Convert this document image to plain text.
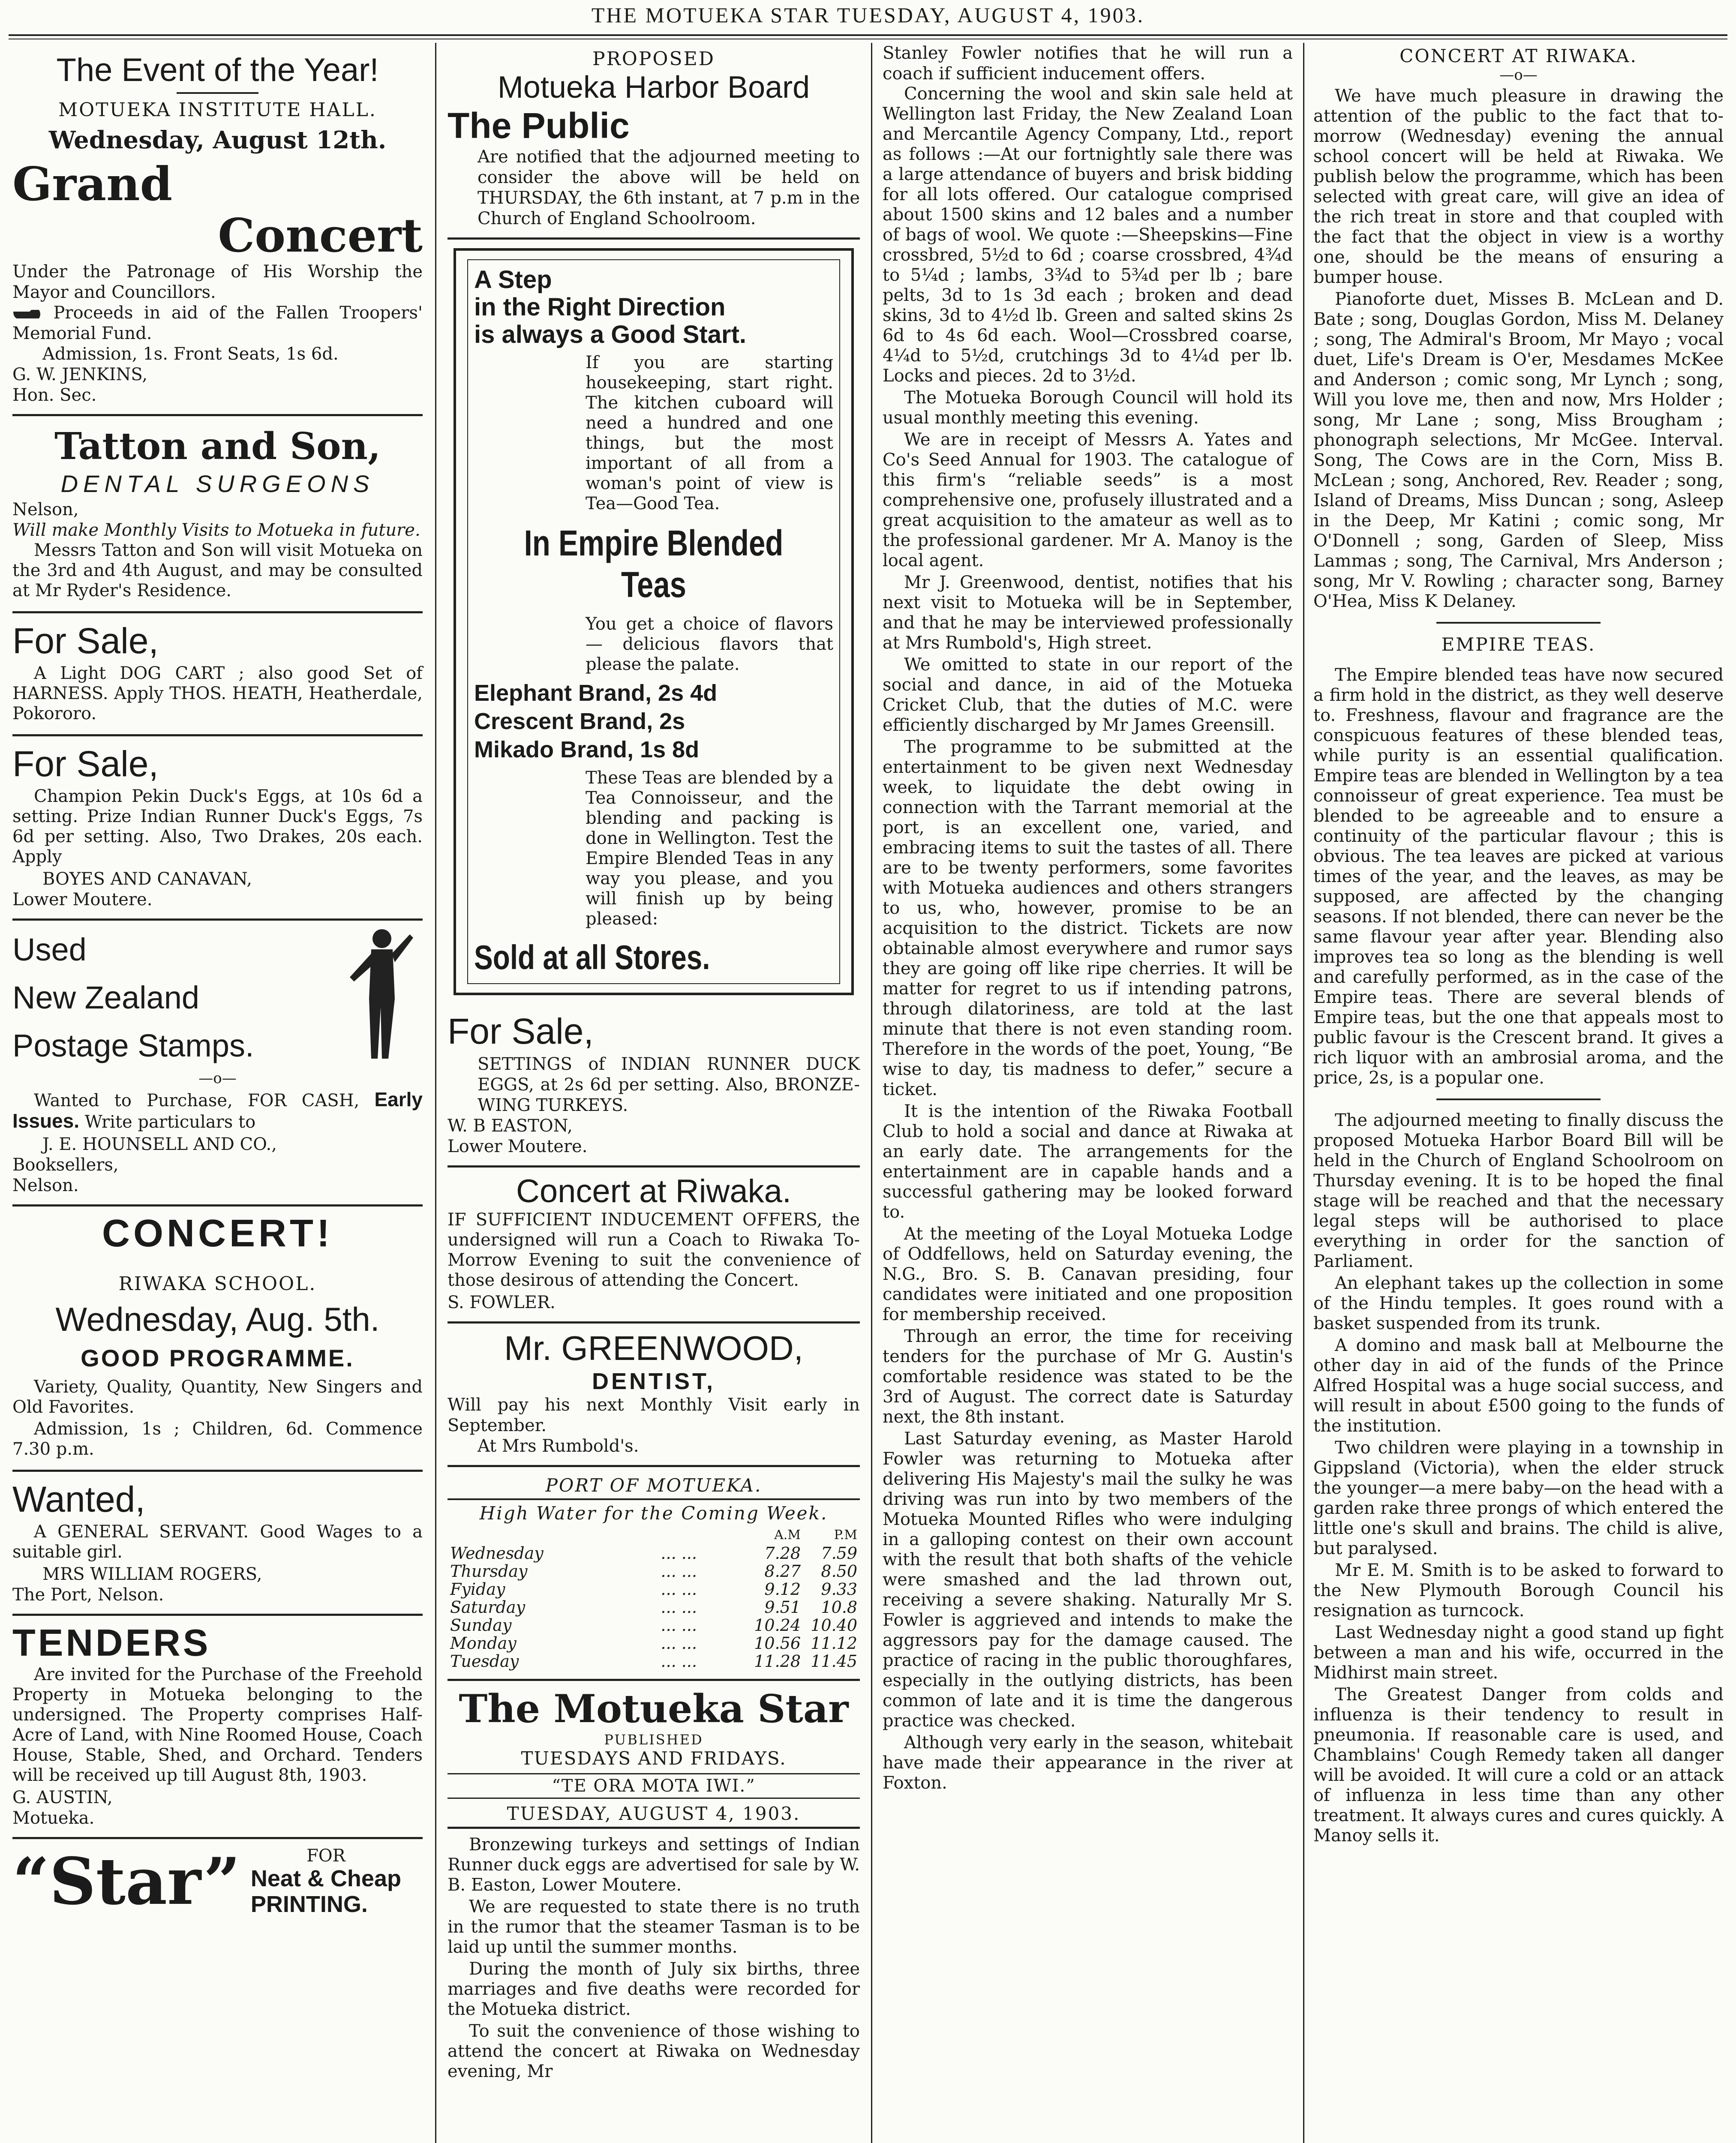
THE MOTUEKA STAR TUESDAY, AUGUST 4, 1903.
The Event of the Year!
MOTUEKA INSTITUTE HALL.
Wednesday, August 12th.
Grand
Concert

Under the Patronage of His Worship the Mayor and Councillors.

Proceeds in aid of the Fallen Troopers' Memorial Fund.

Admission, 1s. Front Seats, 1s 6d.

G. W. JENKINS,

Hon. Sec.

Tatton and Son,
DENTAL SURGEONS

Nelson,

Will make Monthly Visits to Motueka in future.

Messrs Tatton and Son will visit Motueka on the 3rd and 4th August, and may be consulted at Mr Ryder's Residence.

For Sale,

A Light DOG CART ; also good Set of HARNESS. Apply THOS. HEATH, Heatherdale, Pokororo.

For Sale,

Champion Pekin Duck's Eggs, at 10s 6d a setting. Prize Indian Runner Duck's Eggs, 7s 6d per setting. Also, Two Drakes, 20s each. Apply

BOYES AND CANAVAN,

Lower Moutere.

Used
New Zealand
Postage Stamps.
—o—

Wanted to Purchase, FOR CASH, Early Issues. Write particulars to

J. E. HOUNSELL AND CO.,

Booksellers,

Nelson.

CONCERT!
RIWAKA SCHOOL.
Wednesday, Aug. 5th.
GOOD PROGRAMME.

Variety, Quality, Quantity, New Singers and Old Favorites.

Admission, 1s ; Children, 6d. Commence 7.30 p.m.

Wanted,

A GENERAL SERVANT. Good Wages to a suitable girl.

MRS WILLIAM ROGERS,

The Port, Nelson.

TENDERS

Are invited for the Purchase of the Freehold Property in Motueka belonging to the undersigned. The Property comprises Half-Acre of Land, with Nine Roomed House, Coach House, Stable, Shed, and Orchard. Tenders will be received up till August 8th, 1903.

G. AUSTIN,

Motueka.

“Star”	FOR
Neat & Cheap
PRINTING.
PROPOSED
Motueka Harbor Board
The Public

Are notified that the adjourned meeting to consider the above will be held on THURSDAY, the 6th instant, at 7 p.m in the Church of England Schoolroom.

A Step
in the Right Direction
is always a Good Start.

If you are starting housekeeping, start right. The kitchen cuboard will need a hundred and one things, but the most important of all from a woman's point of view is Tea—Good Tea.

In Empire Blended Teas

You get a choice of flavors — delicious flavors that please the palate.

Elephant Brand, 2s 4d
Crescent Brand, 2s
Mikado Brand, 1s 8d

These Teas are blended by a Tea Connoisseur, and the blending and packing is done in Wellington. Test the Empire Blended Teas in any way you please, and you will finish up by being pleased:

Sold at all Stores.
For Sale,

SETTINGS of INDIAN RUNNER DUCK EGGS, at 2s 6d per setting. Also, BRONZE-WING TURKEYS.

W. B EASTON,

Lower Moutere.

Concert at Riwaka.

IF SUFFICIENT INDUCEMENT OFFERS, the undersigned will run a Coach to Riwaka To-Morrow Evening to suit the convenience of those desirous of attending the Concert.

S. FOWLER.

Mr. GREENWOOD,
DENTIST,

Will pay his next Monthly Visit early in September.

At Mrs Rumbold's.

PORT OF MOTUEKA.
High Water for the Coming Week.
		A.M	P.M
Wednesday	... ...	7.28	7.59
Thursday	... ...	8.27	8.50
Fyiday	... ...	9.12	9.33
Saturday	... ...	9.51	10.8
Sunday	... ...	10.24	10.40
Monday	... ...	10.56	11.12
Tuesday	... ...	11.28	11.45
The Motueka Star
PUBLISHED
TUESDAYS AND FRIDAYS.
“TE ORA MOTA IWI.”
TUESDAY, AUGUST 4, 1903.

Bronzewing turkeys and settings of Indian Runner duck eggs are advertised for sale by W. B. Easton, Lower Moutere.

We are requested to state there is no truth in the rumor that the steamer Tasman is to be laid up until the summer months.

During the month of July six births, three marriages and five deaths were recorded for the Motueka district.

To suit the convenience of those wishing to attend the concert at Riwaka on Wednesday evening, Mr

Stanley Fowler notifies that he will run a coach if sufficient inducement offers.

Concerning the wool and skin sale held at Wellington last Friday, the New Zealand Loan and Mercantile Agency Company, Ltd., report as follows :—At our fortnightly sale there was a large attendance of buyers and brisk bidding for all lots offered. Our catalogue comprised about 1500 skins and 12 bales and a number of bags of wool. We quote :—Sheepskins—Fine crossbred, 5½d to 6d ; coarse crossbred, 4¾d to 5¼d ; lambs, 3¾d to 5¾d per lb ; bare pelts, 3d to 1s 3d each ; broken and dead skins, 3d to 4½d lb. Green and salted skins 2s 6d to 4s 6d each. Wool—Crossbred coarse, 4¼d to 5½d, crutchings 3d to 4¼d per lb. Locks and pieces. 2d to 3½d.

The Motueka Borough Council will hold its usual monthly meeting this evening.

We are in receipt of Messrs A. Yates and Co's Seed Annual for 1903. The catalogue of this firm's “reliable seeds” is a most comprehensive one, profusely illustrated and a great acquisition to the amateur as well as to the professional gardener. Mr A. Manoy is the local agent.

Mr J. Greenwood, dentist, notifies that his next visit to Motueka will be in September, and that he may be interviewed professionally at Mrs Rumbold's, High street.

We omitted to state in our report of the social and dance, in aid of the Motueka Cricket Club, that the duties of M.C. were efficiently discharged by Mr James Greensill.

The programme to be submitted at the entertainment to be given next Wednesday week, to liquidate the debt owing in connection with the Tarrant memorial at the port, is an excellent one, varied, and embracing items to suit the tastes of all. There are to be twenty performers, some favorites with Motueka audiences and others strangers to us, who, however, promise to be an acquisition to the district. Tickets are now obtainable almost everywhere and rumor says they are going off like ripe cherries. It will be matter for regret to us if intending patrons, through dilatoriness, are told at the last minute that there is not even standing room. Therefore in the words of the poet, Young, “Be wise to day, tis madness to defer,” secure a ticket.

It is the intention of the Riwaka Football Club to hold a social and dance at Riwaka at an early date. The arrangements for the entertainment are in capable hands and a successful gathering may be looked forward to.

At the meeting of the Loyal Motueka Lodge of Oddfellows, held on Saturday evening, the N.G., Bro. S. B. Canavan presiding, four candidates were initiated and one proposition for membership received.

Through an error, the time for receiving tenders for the purchase of Mr G. Austin's comfortable residence was stated to be the 3rd of August. The correct date is Saturday next, the 8th instant.

Last Saturday evening, as Master Harold Fowler was returning to Motueka after delivering His Majesty's mail the sulky he was driving was run into by two members of the Motueka Mounted Rifles who were indulging in a galloping contest on their own account with the result that both shafts of the vehicle were smashed and the lad thrown out, receiving a severe shaking. Naturally Mr S. Fowler is aggrieved and intends to make the aggressors pay for the damage caused. The practice of racing in the public thoroughfares, especially in the outlying districts, has been common of late and it is time the dangerous practice was checked.

Although very early in the season, whitebait have made their appearance in the river at Foxton.

CONCERT AT RIWAKA.
—o—

We have much pleasure in drawing the attention of the public to the fact that to-morrow (Wednesday) evening the annual school concert will be held at Riwaka. We publish below the programme, which has been selected with great care, will give an idea of the rich treat in store and that coupled with the fact that the object in view is a worthy one, should be the means of ensuring a bumper house.

Pianoforte duet, Misses B. McLean and D. Bate ; song, Douglas Gordon, Miss M. Delaney ; song, The Admiral's Broom, Mr Mayo ; vocal duet, Life's Dream is O'er, Mesdames McKee and Anderson ; comic song, Mr Lynch ; song, Will you love me, then and now, Mrs Holder ; song, Mr Lane ; song, Miss Brougham ; phonograph selections, Mr McGee. Interval. Song, The Cows are in the Corn, Miss B. McLean ; song, Anchored, Rev. Reader ; song, Island of Dreams, Miss Duncan ; song, Asleep in the Deep, Mr Katini ; comic song, Mr O'Donnell ; song, Garden of Sleep, Miss Lammas ; song, The Carnival, Mrs Anderson ; song, Mr V. Rowling ; character song, Barney O'Hea, Miss K Delaney.

EMPIRE TEAS.

The Empire blended teas have now secured a firm hold in the district, as they well deserve to. Freshness, flavour and fragrance are the conspicuous features of these blended teas, while purity is an essential qualification. Empire teas are blended in Wellington by a tea connoisseur of great experience. Tea must be blended to be agreeable and to ensure a continuity of the particular flavour ; this is obvious. The tea leaves are picked at various times of the year, and the leaves, as may be supposed, are affected by the changing seasons. If not blended, there can never be the same flavour year after year. Blending also improves tea so long as the blending is well and carefully performed, as in the case of the Empire teas. There are several blends of Empire teas, but the one that appeals most to public favour is the Crescent brand. It gives a rich liquor with an ambrosial aroma, and the price, 2s, is a popular one.

The adjourned meeting to finally discuss the proposed Motueka Harbor Board Bill will be held in the Church of England Schoolroom on Thursday evening. It is to be hoped the final stage will be reached and that the necessary legal steps will be authorised to place everything in order for the sanction of Parliament.

An elephant takes up the collection in some of the Hindu temples. It goes round with a basket suspended from its trunk.

A domino and mask ball at Melbourne the other day in aid of the funds of the Prince Alfred Hospital was a huge social success, and will result in about £500 going to the funds of the institution.

Two children were playing in a township in Gippsland (Victoria), when the elder struck the younger—a mere baby—on the head with a garden rake three prongs of which entered the little one's skull and brains. The child is alive, but paralysed.

Mr E. M. Smith is to be asked to forward to the New Plymouth Borough Council his resignation as turncock.

Last Wednesday night a good stand up fight between a man and his wife, occurred in the Midhirst main street.

The Greatest Danger from colds and influenza is their tendency to result in pneumonia. If reasonable care is used, and Chamblains' Cough Remedy taken all danger will be avoided. It will cure a cold or an attack of influenza in less time than any other treatment. It always cures and cures quickly. A Manoy sells it.
